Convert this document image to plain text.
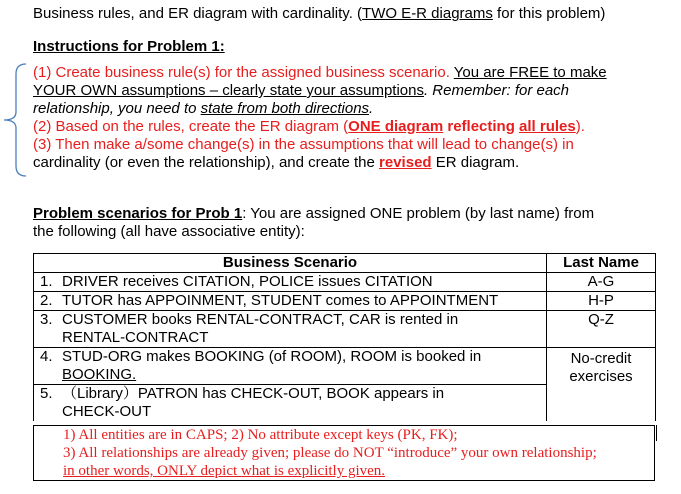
Business rules, and ER diagram with cardinality. (TWO E-R diagrams for this problem)
Instructions for Problem 1:
(1) Create business rule(s) for the assigned business scenario. You are FREE to make
YOUR OWN assumptions – clearly state your assumptions. Remember: for each
relationship, you need to state from both directions.
(2) Based on the rules, create the ER diagram (ONE diagram reflecting all rules).
(3) Then make a/some change(s) in the assumptions that will lead to change(s) in
cardinality (or even the relationship), and create the revised ER diagram.
Problem scenarios for Prob 1: You are assigned ONE problem (by last name) from
the following (all have associative entity):
Business Scenario	Last Name
1. DRIVER receives CITATION, POLICE issues CITATION	A-G
2. TUTOR has APPOINMENT, STUDENT comes to APPOINTMENT	H-P
3. CUSTOMER books RENTAL-CONTRACT, CAR is rented in
RENTAL-CONTRACT	Q-Z
4. STUD-ORG makes BOOKING (of ROOM), ROOM is booked in
BOOKING.	No-credit
exercises
5. （Library）PATRON has CHECK-OUT, BOOK appears in
CHECK-OUT	
1) All entities are in CAPS; 2) No attribute except keys (PK, FK);
3) All relationships are already given; please do NOT “introduce” your own relationship;
in other words, ONLY depict what is explicitly given.
